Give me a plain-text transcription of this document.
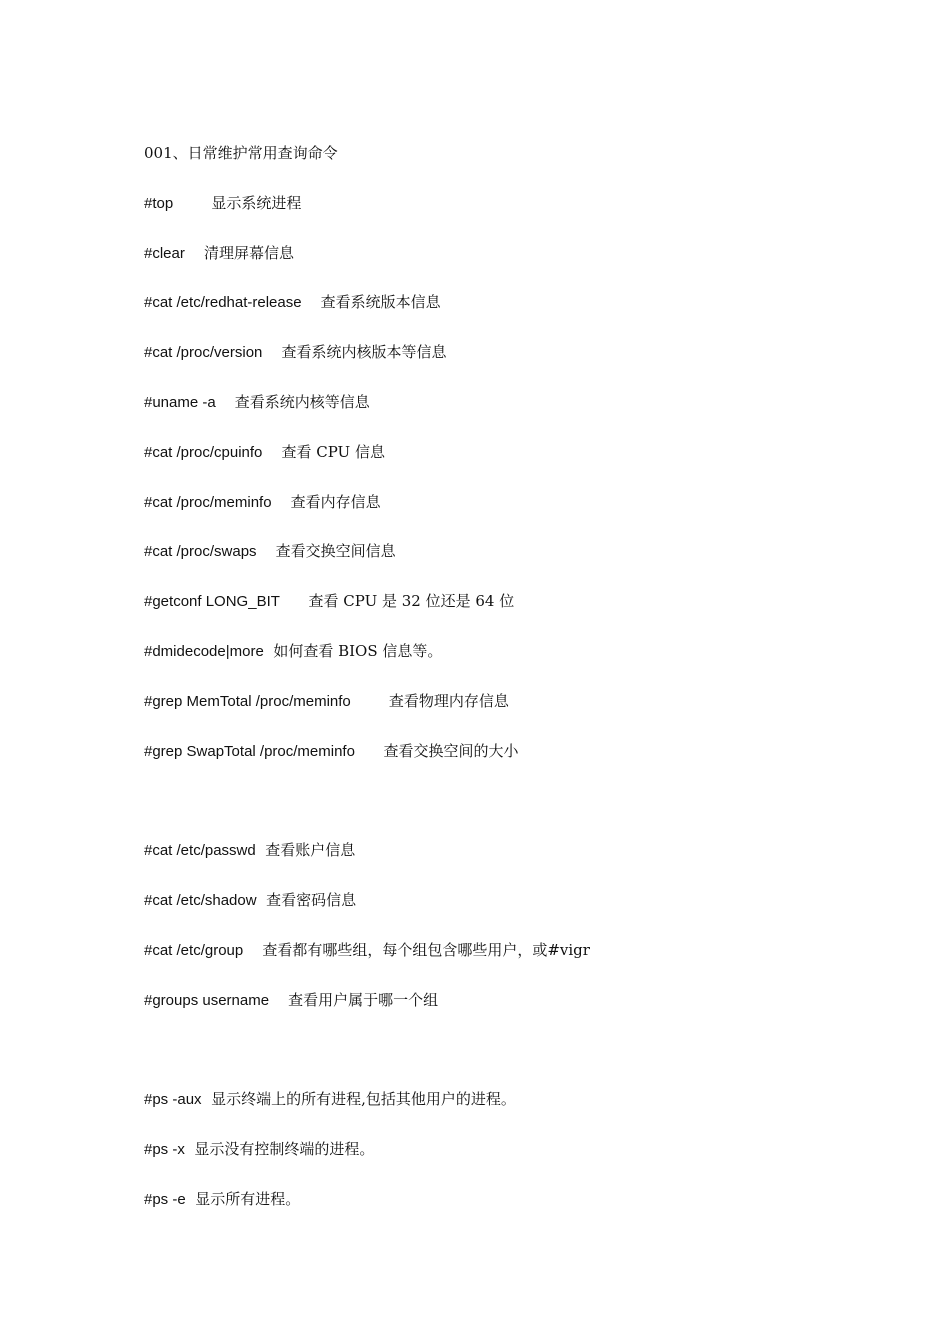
001、日常维护常用查询命令
#top	显示系统进程
#clear 清理屏幕信息
#cat /etc/redhat-release 查看系统版本信息
#cat /proc/version 查看系统内核版本等信息
#uname -a 查看系统内核等信息
#cat /proc/cpuinfo 查看 CPU 信息
#cat /proc/meminfo 查看内存信息
#cat /proc/swaps 查看交换空间信息
#getconf LONG_BIT 查看 CPU 是 32 位还是 64 位
#dmidecode|more 如何查看 BIOS 信息等。
#grep MemTotal /proc/meminfo	查看物理内存信息
#grep SwapTotal /proc/meminfo 查看交换空间的大小
#cat /etc/passwd 查看账户信息
#cat /etc/shadow 查看密码信息
#cat /etc/group 查看都有哪些组，每个组包含哪些用户，或#vigr
#groups username 查看用户属于哪一个组
#ps -aux 显示终端上的所有进程,包括其他用户的进程。
#ps -x 显示没有控制终端的进程。
#ps -e 显示所有进程。
